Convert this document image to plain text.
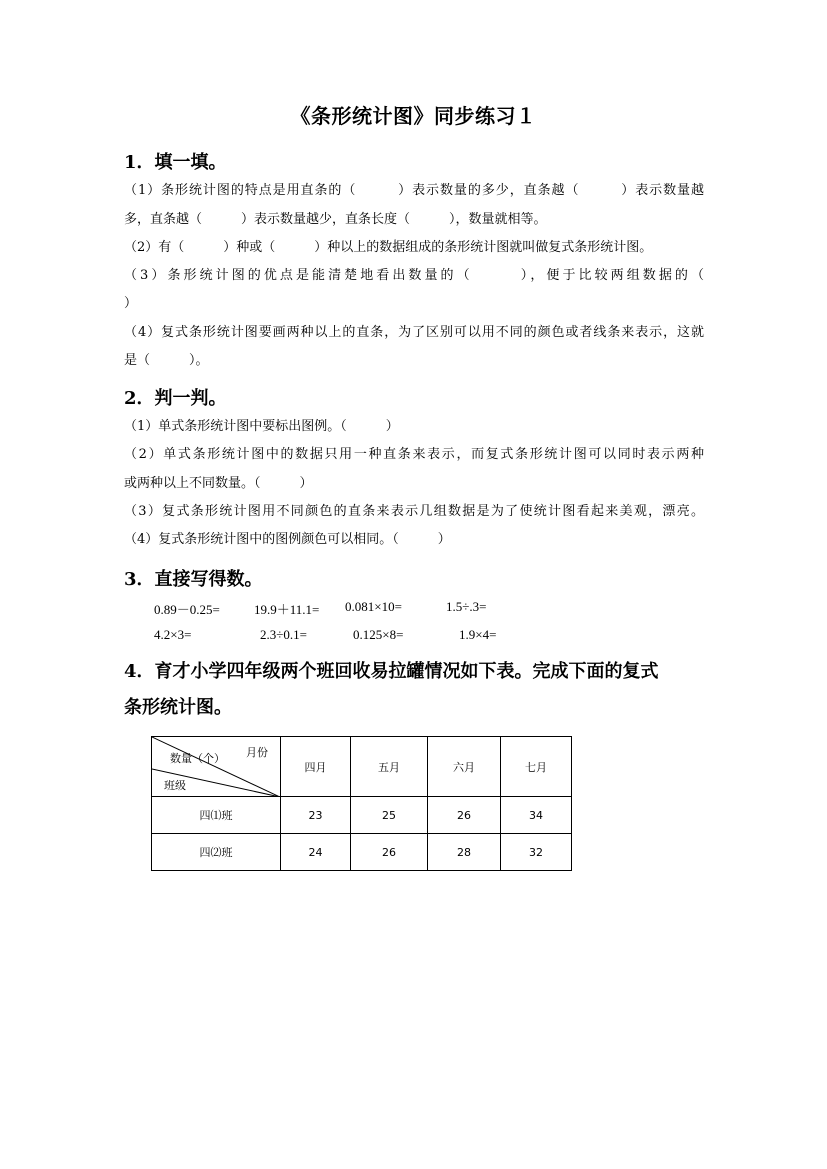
《条形统计图》同步练习１
1．填一填。
（1）条形统计图的特点是用直条的（　　　）表示数量的多少，直条越（　　　）表示数量越
多，直条越（　　　）表示数量越少，直条长度（　　　），数量就相等。
（2）有（　　　）种或（　　　）种以上的数据组成的条形统计图就叫做复式条形统计图。
（3）条形统计图的优点是能清楚地看出数量的（　　　），便于比较两组数据的（
）
（4）复式条形统计图要画两种以上的直条，为了区别可以用不同的颜色或者线条来表示，这就
是（　　　）。
2．判一判。
（1）单式条形统计图中要标出图例。（　　　）
（2）单式条形统计图中的数据只用一种直条来表示，而复式条形统计图可以同时表示两种
或两种以上不同数量。（　　　）
（3）复式条形统计图用不同颜色的直条来表示几组数据是为了使统计图看起来美观，漂亮。
（4）复式条形统计图中的图例颜色可以相同。（　　　）
3．直接写得数。
0.89－0.25=	19.9＋11.1= 0.081×10=	1.5÷.3=
4.2×3=	2.3÷0.1=	0.125×8=	1.9×4=
4．育才小学四年级两个班回收易拉罐情况如下表。完成下面的复式
条形统计图。
月份
数量（个）
班级	四月	五月	六月	七月
四⑴班	23	25	26	34
四⑵班	24	26	28	32
